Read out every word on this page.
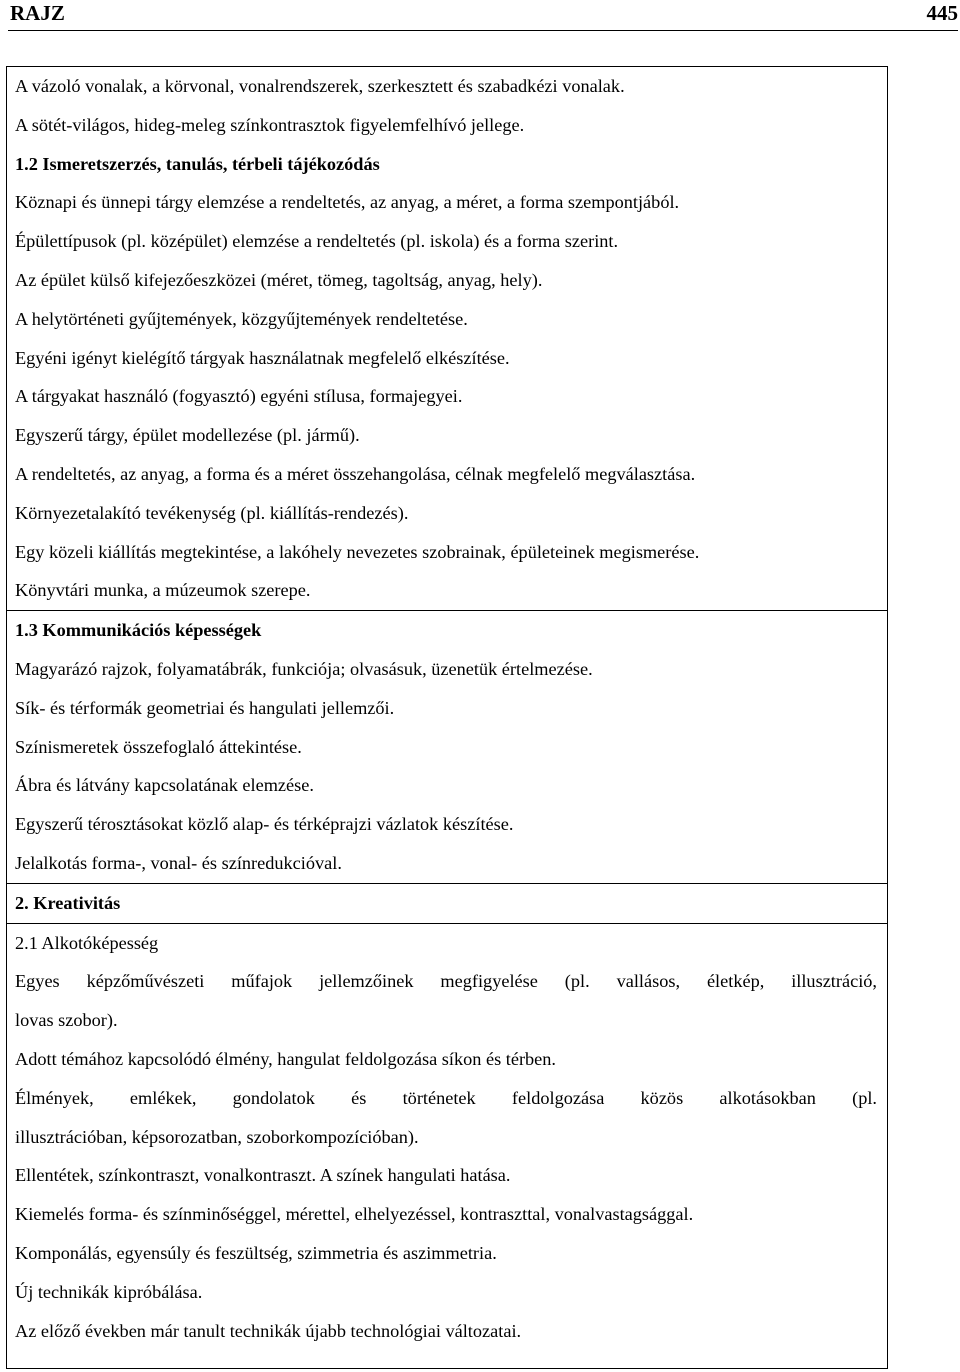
RAJZ	445
A vázoló vonalak, a körvonal, vonalrendszerek, szerkesztett és szabadkézi vonalak.
A sötét-világos, hideg-meleg színkontrasztok figyelemfelhívó jellege.
1.2 Ismeretszerzés, tanulás, térbeli tájékozódás
Köznapi és ünnepi tárgy elemzése a rendeltetés, az anyag, a méret, a forma szempontjából.
Épülettípusok (pl. középület) elemzése a rendeltetés (pl. iskola) és a forma szerint.
Az épület külső kifejezőeszközei (méret, tömeg, tagoltság, anyag, hely).
A helytörténeti gyűjtemények, közgyűjtemények rendeltetése.
Egyéni igényt kielégítő tárgyak használatnak megfelelő elkészítése.
A tárgyakat használó (fogyasztó) egyéni stílusa, formajegyei.
Egyszerű tárgy, épület modellezése (pl. jármű).
A rendeltetés, az anyag, a forma és a méret összehangolása, célnak megfelelő megválasztása.
Környezetalakító tevékenység (pl. kiállítás-rendezés).
Egy közeli kiállítás megtekintése, a lakóhely nevezetes szobrainak, épületeinek megismerése.
Könyvtári munka, a múzeumok szerepe.
1.3 Kommunikációs képességek
Magyarázó rajzok, folyamatábrák, funkciója; olvasásuk, üzenetük értelmezése.
Sík- és térformák geometriai és hangulati jellemzői.
Színismeretek összefoglaló áttekintése.
Ábra és látvány kapcsolatának elemzése.
Egyszerű térosztásokat közlő alap- és térképrajzi vázlatok készítése.
Jelalkotás forma-, vonal- és színredukcióval.
2. Kreativitás
2.1 Alkotóképesség
Egyes képzőművészeti műfajok jellemzőinek megfigyelése (pl. vallásos, életkép, illusztráció,
lovas szobor).
Adott témához kapcsolódó élmény, hangulat feldolgozása síkon és térben.
Élmények, emlékek, gondolatok és történetek feldolgozása közös alkotásokban (pl.
illusztrációban, képsorozatban, szoborkompozícióban).
Ellentétek, színkontraszt, vonalkontraszt. A színek hangulati hatása.
Kiemelés forma- és színminőséggel, mérettel, elhelyezéssel, kontraszttal, vonalvastagsággal.
Komponálás, egyensúly és feszültség, szimmetria és aszimmetria.
Új technikák kipróbálása.
Az előző években már tanult technikák újabb technológiai változatai.
